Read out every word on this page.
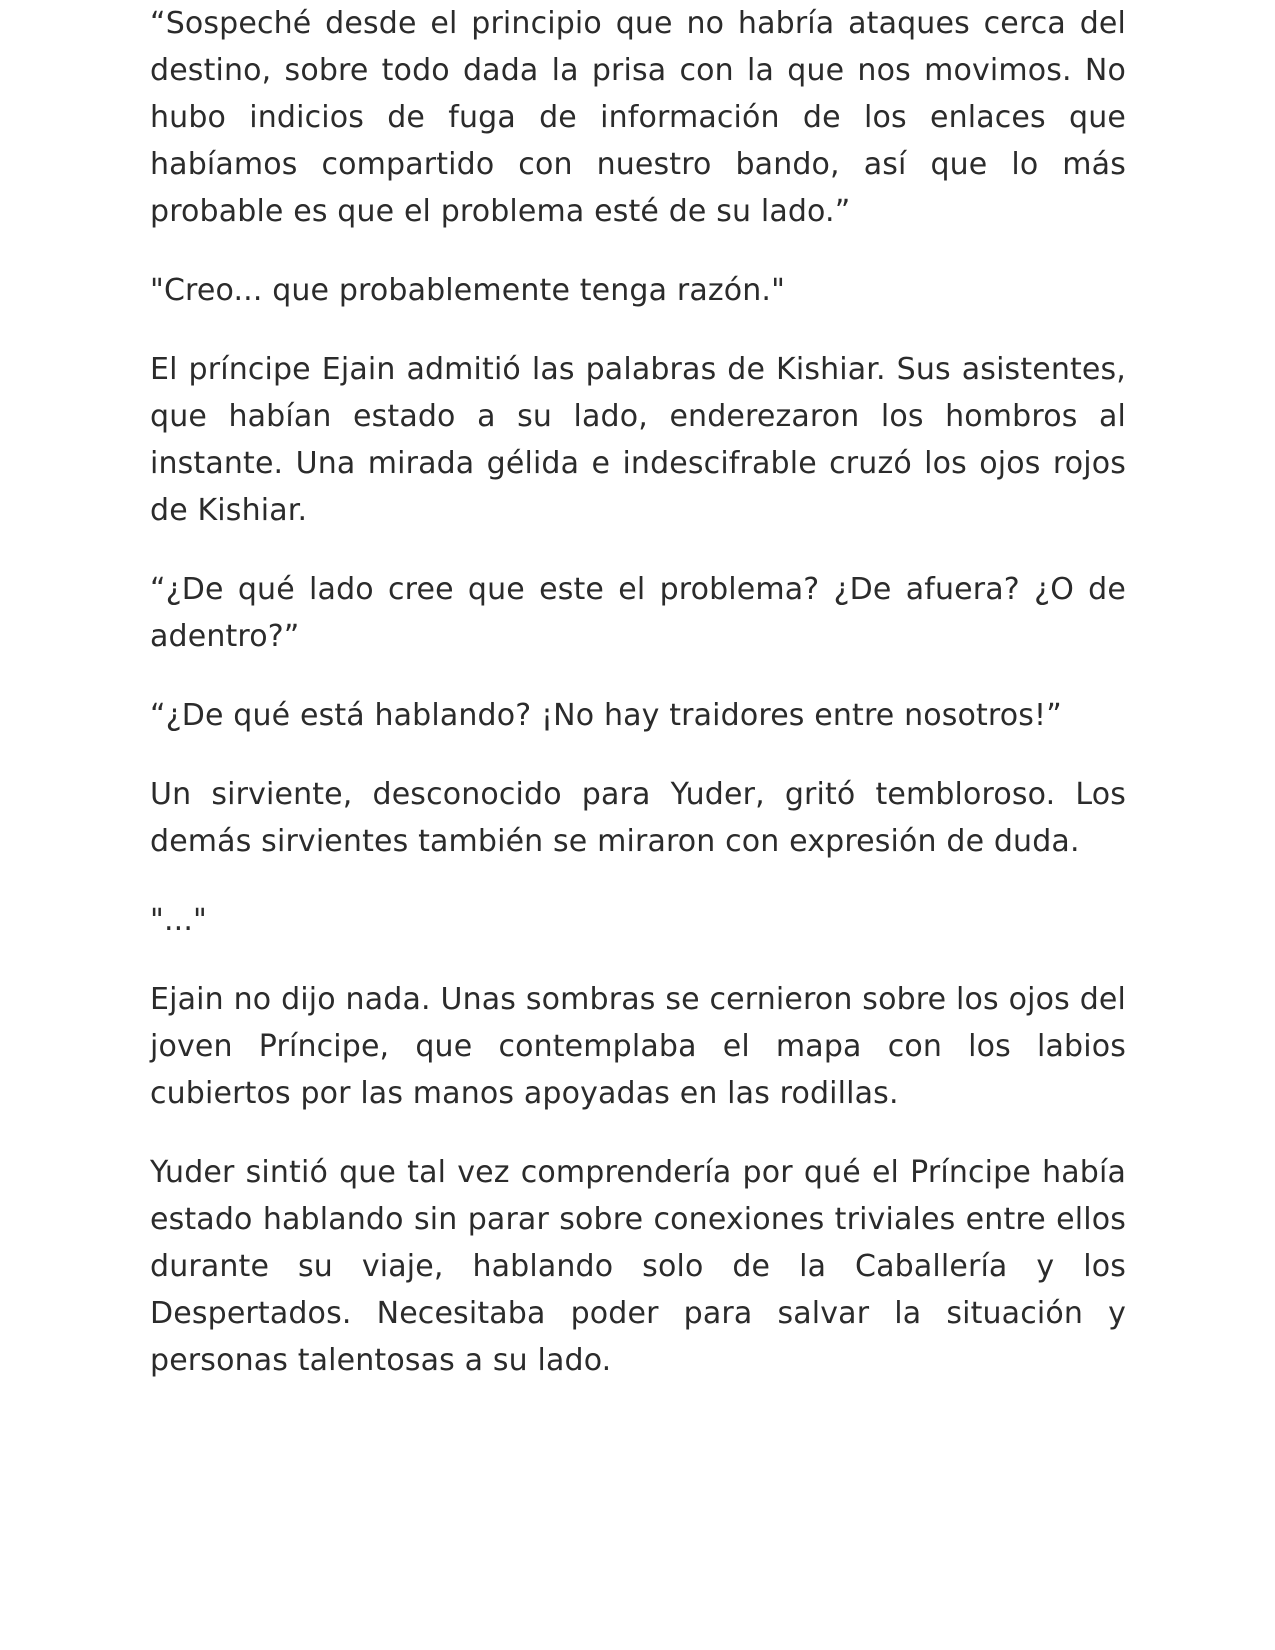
“Sospeché desde el principio que no habría ataques cerca del destino, sobre todo dada la prisa con la que nos movimos. No hubo indicios de fuga de información de los enlaces que habíamos compartido con nuestro bando, así que lo más probable es que el problema esté de su lado.”

"Creo... que probablemente tenga razón."

El príncipe Ejain admitió las palabras de Kishiar. Sus asistentes, que habían estado a su lado, enderezaron los hombros al instante. Una mirada gélida e indescifrable cruzó los ojos rojos de Kishiar.

“¿De qué lado cree que este el problema? ¿De afuera? ¿O de adentro?”

“¿De qué está hablando? ¡No hay traidores entre nosotros!”

Un sirviente, desconocido para Yuder, gritó tembloroso. Los demás sirvientes también se miraron con expresión de duda.

"..."

Ejain no dijo nada. Unas sombras se cernieron sobre los ojos del joven Príncipe, que contemplaba el mapa con los labios cubiertos por las manos apoyadas en las rodillas.

Yuder sintió que tal vez comprendería por qué el Príncipe había estado hablando sin parar sobre conexiones triviales entre ellos durante su viaje, hablando solo de la Caballería y los Despertados. Necesitaba poder para salvar la situación y personas talentosas a su lado.
